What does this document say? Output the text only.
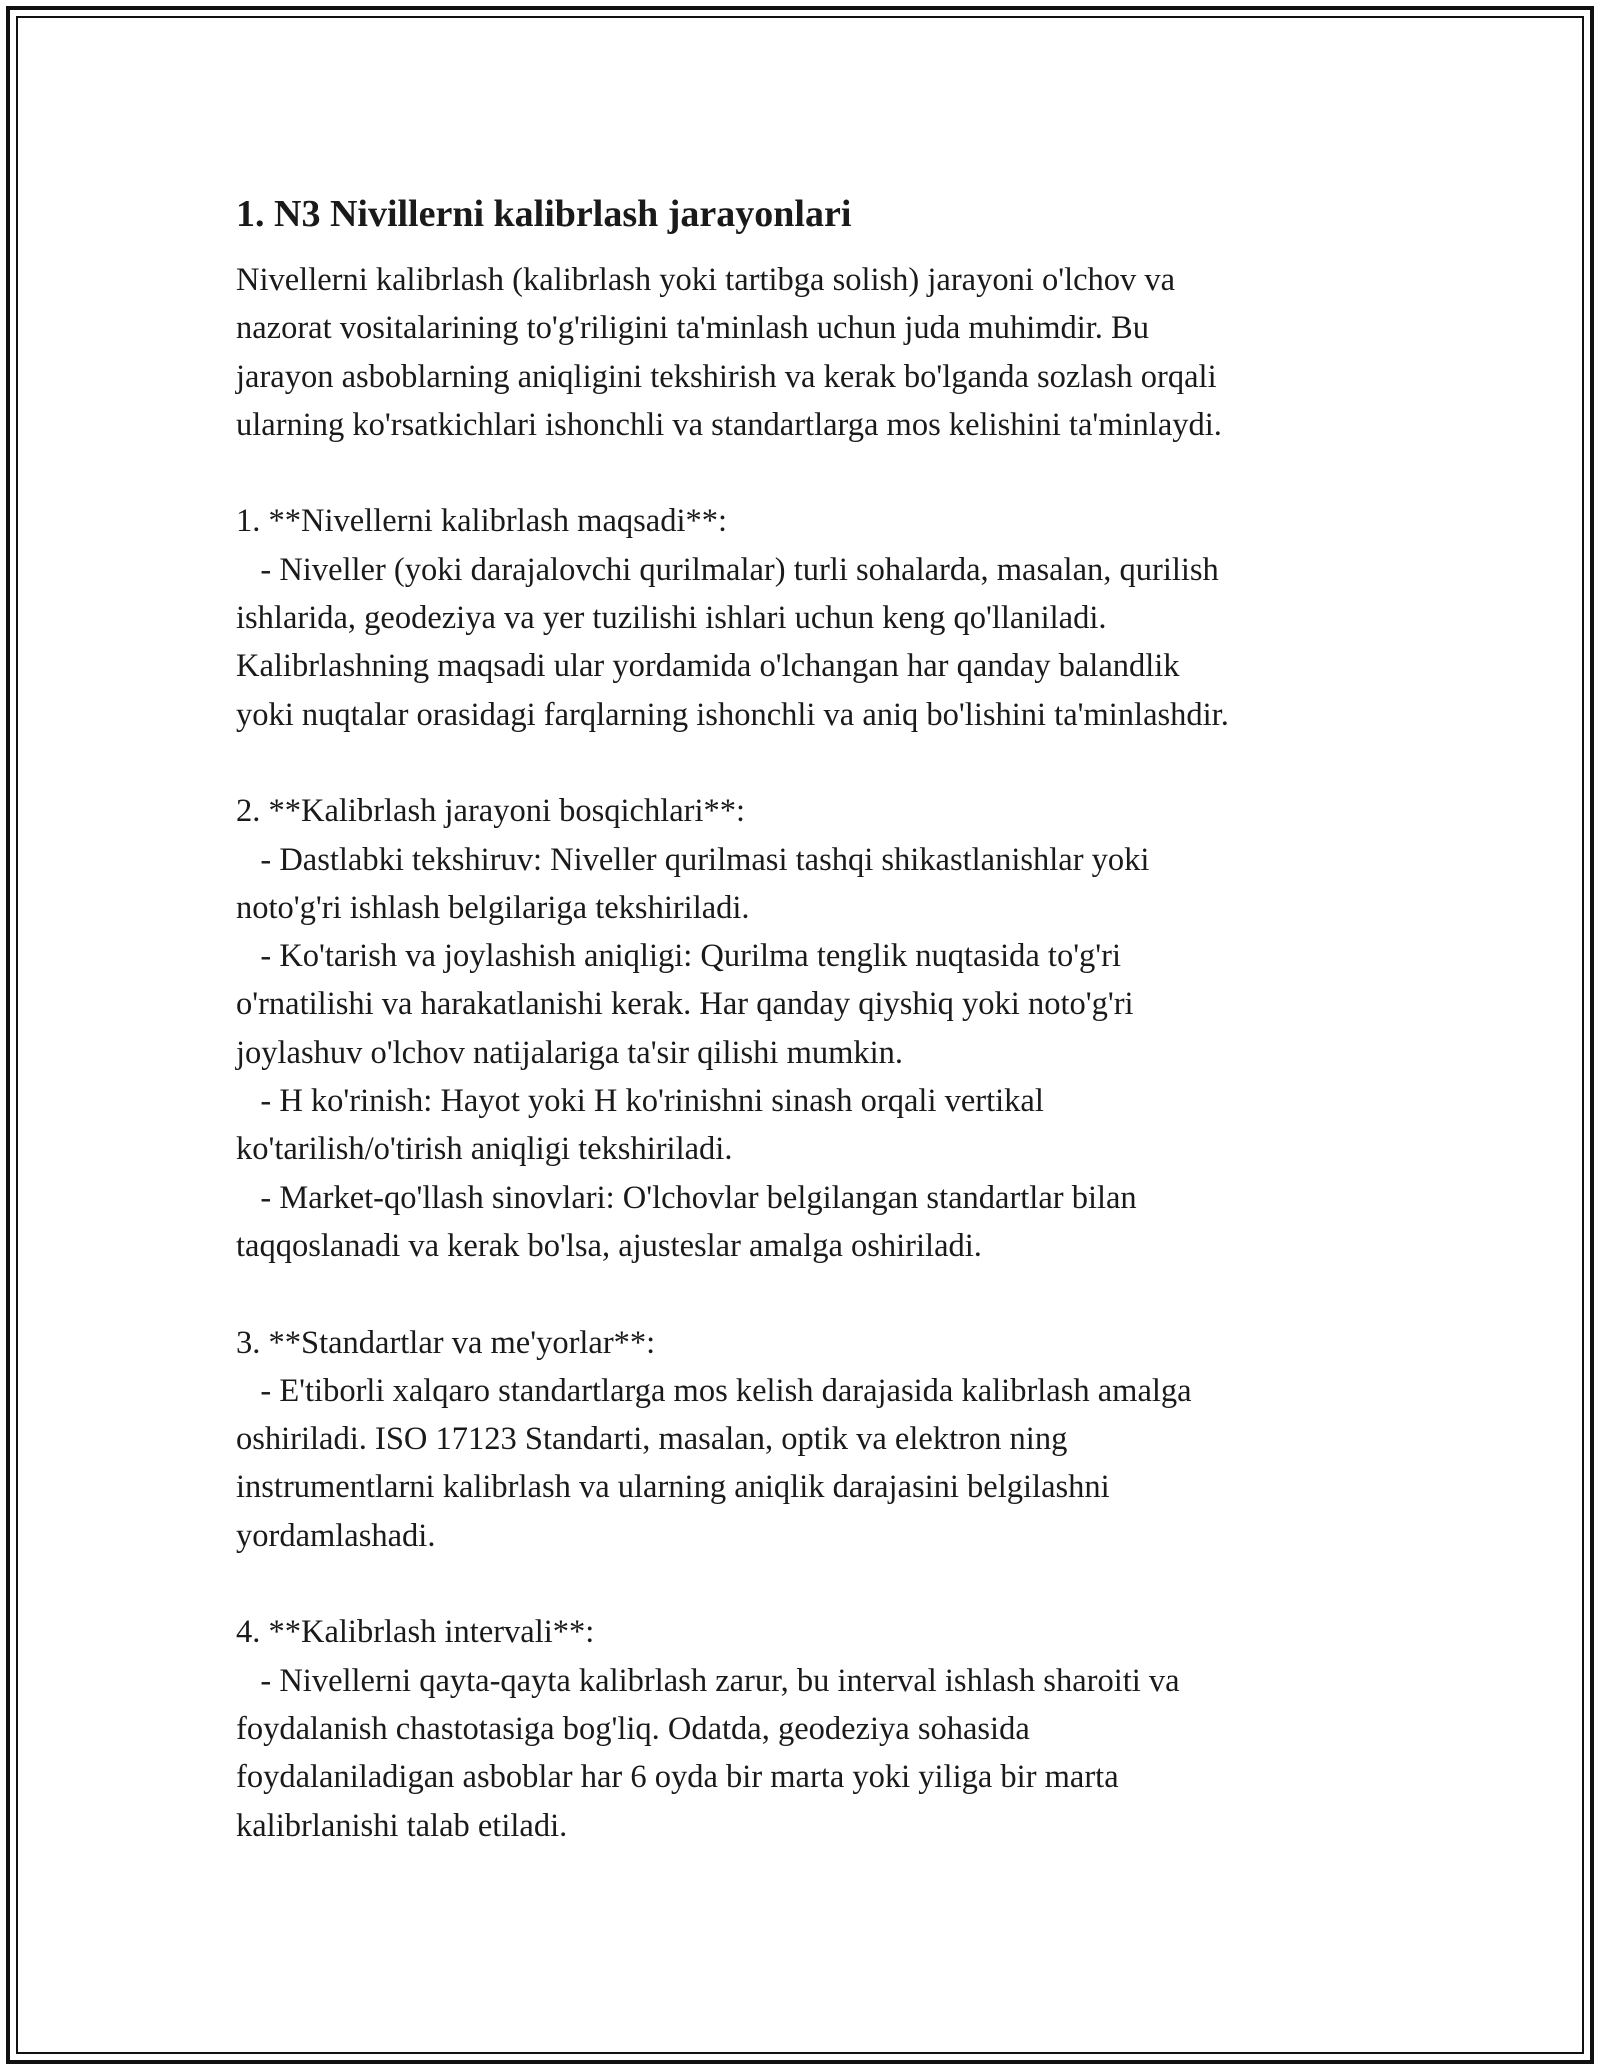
1. N3 Nivillerni kalibrlash jarayonlari

Nivellerni kalibrlash (kalibrlash yoki tartibga solish) jarayoni o'lchov va
nazorat vositalarining to'g'riligini ta'minlash uchun juda muhimdir. Bu
jarayon asboblarning aniqligini tekshirish va kerak bo'lganda sozlash orqali
ularning ko'rsatkichlari ishonchli va standartlarga mos kelishini ta'minlaydi.

1. **Nivellerni kalibrlash maqsadi**:
- Niveller (yoki darajalovchi qurilmalar) turli sohalarda, masalan, qurilish
ishlarida, geodeziya va yer tuzilishi ishlari uchun keng qo'llaniladi.
Kalibrlashning maqsadi ular yordamida o'lchangan har qanday balandlik
yoki nuqtalar orasidagi farqlarning ishonchli va aniq bo'lishini ta'minlashdir.

2. **Kalibrlash jarayoni bosqichlari**:
- Dastlabki tekshiruv: Niveller qurilmasi tashqi shikastlanishlar yoki
noto'g'ri ishlash belgilariga tekshiriladi.
- Ko'tarish va joylashish aniqligi: Qurilma tenglik nuqtasida to'g'ri
o'rnatilishi va harakatlanishi kerak. Har qanday qiyshiq yoki noto'g'ri
joylashuv o'lchov natijalariga ta'sir qilishi mumkin.
- H ko'rinish: Hayot yoki H ko'rinishni sinash orqali vertikal
ko'tarilish/o'tirish aniqligi tekshiriladi.
- Market-qo'llash sinovlari: O'lchovlar belgilangan standartlar bilan
taqqoslanadi va kerak bo'lsa, ajusteslar amalga oshiriladi.

3. **Standartlar va me'yorlar**:
- E'tiborli xalqaro standartlarga mos kelish darajasida kalibrlash amalga
oshiriladi. ISO 17123 Standarti, masalan, optik va elektron ning
instrumentlarni kalibrlash va ularning aniqlik darajasini belgilashni
yordamlashadi.

4. **Kalibrlash intervali**:
- Nivellerni qayta-qayta kalibrlash zarur, bu interval ishlash sharoiti va
foydalanish chastotasiga bog'liq. Odatda, geodeziya sohasida
foydalaniladigan asboblar har 6 oyda bir marta yoki yiliga bir marta
kalibrlanishi talab etiladi.
